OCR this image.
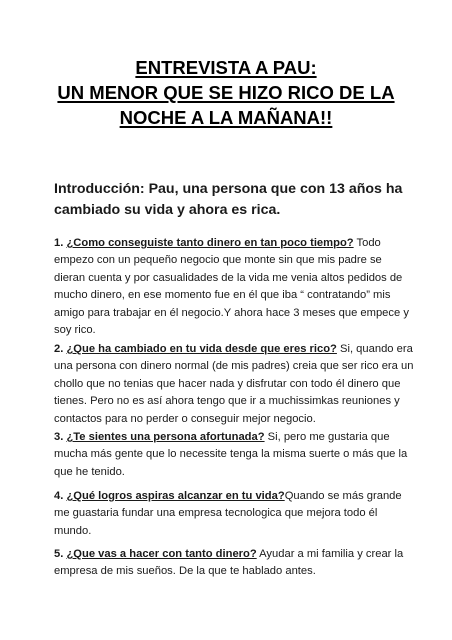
ENTREVISTA A PAU:
UN MENOR QUE SE HIZO RICO DE LA
NOCHE A LA MAÑANA!!
Introducción: Pau, una persona que con 13 años ha
cambiado su vida y ahora es rica.
1. ¿Como conseguiste tanto dinero en tan poco tiempo? Todo
empezo con un pequeño negocio que monte sin que mis padre se
dieran cuenta y por casualidades de la vida me venia altos pedidos de
mucho dinero, en ese momento fue en él que iba “ contratando” mis
amigo para trabajar en él negocio.Y ahora hace 3 meses que empece y
soy rico.
2. ¿Que ha cambiado en tu vida desde que eres rico? Si, quando era
una persona con dinero normal (de mis padres) creia que ser rico era un
chollo que no tenias que hacer nada y disfrutar con todo él dinero que
tienes. Pero no es así ahora tengo que ir a muchissimkas reuniones y
contactos para no perder o conseguir mejor negocio.
3. ¿Te sientes una persona afortunada? Si, pero me gustaria que
mucha más gente que lo necessite tenga la misma suerte o más que la
que he tenido.
4. ¿Qué logros aspiras alcanzar en tu vida?Quando se más grande
me guastaria fundar una empresa tecnologica que mejora todo él
mundo.
5. ¿Que vas a hacer con tanto dinero? Ayudar a mi familia y crear la
empresa de mis sueños. De la que te hablado antes.
